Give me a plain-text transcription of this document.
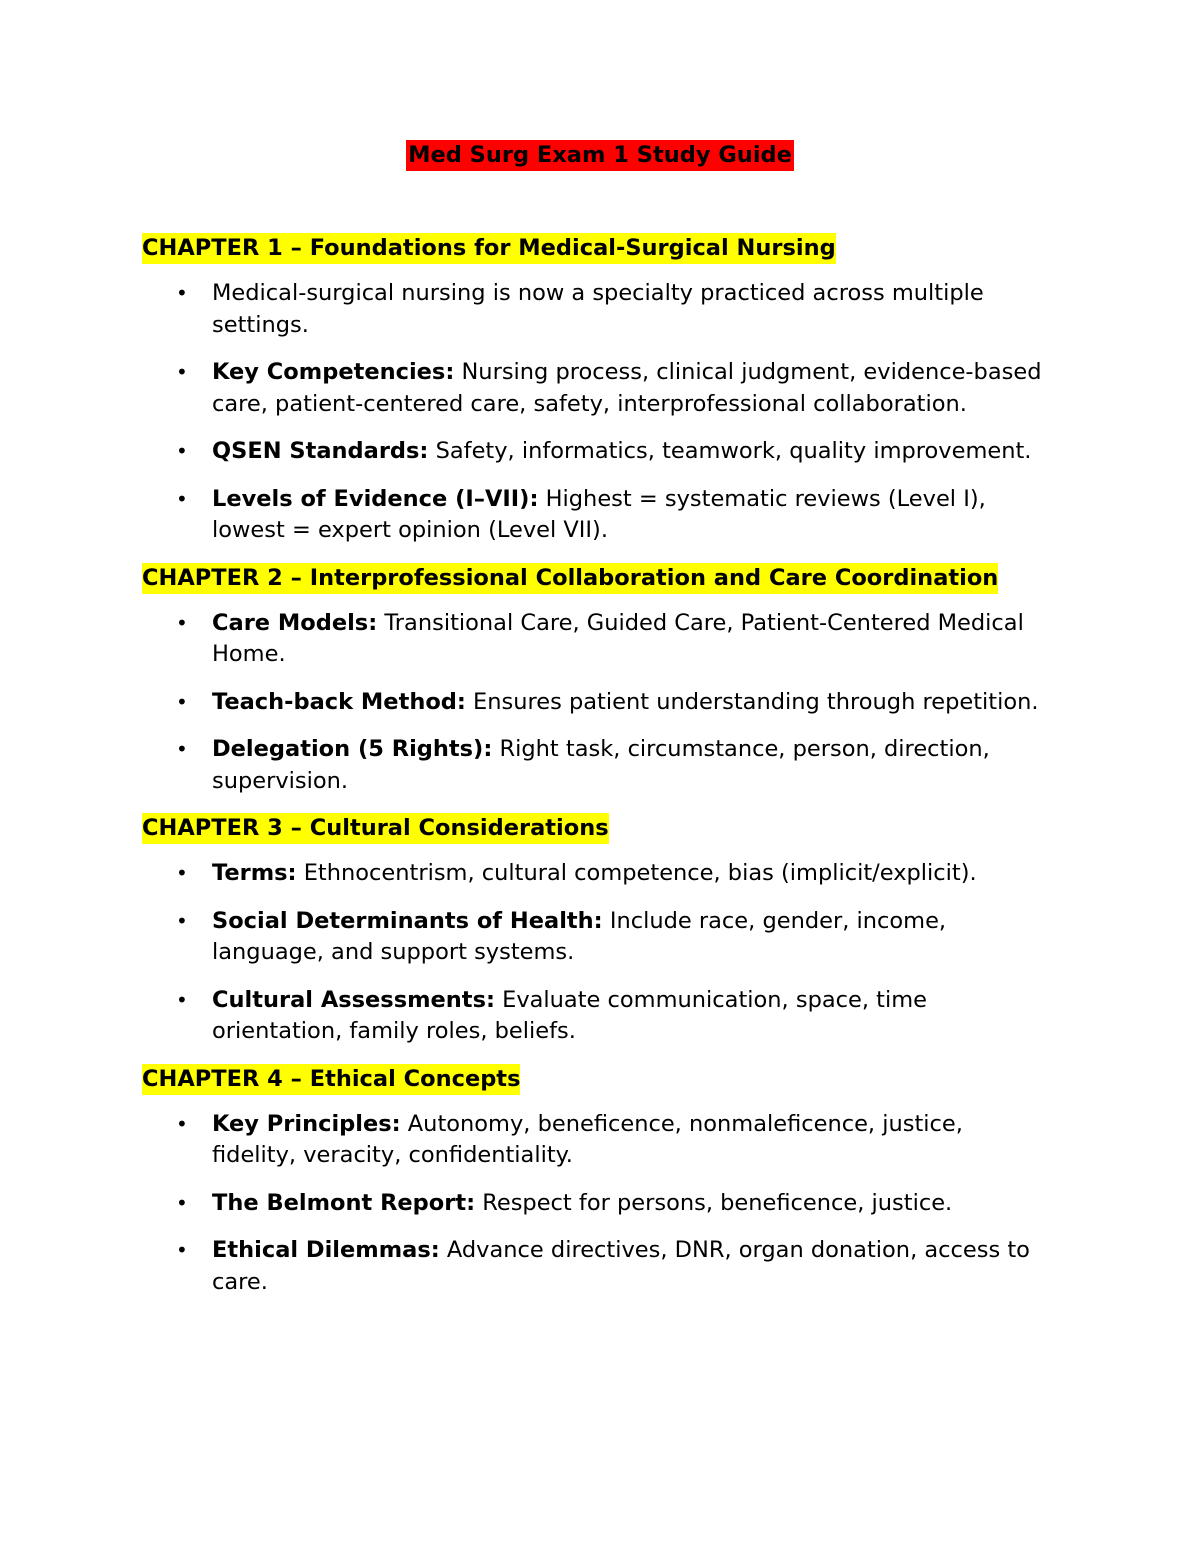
Med Surg Exam 1 Study Guide
CHAPTER 1 – Foundations for Medical-Surgical Nursing
• Medical-surgical nursing is now a specialty practiced across multiple settings.
• Key Competencies: Nursing process, clinical judgment, evidence-based care, patient-centered care, safety, interprofessional collaboration.
• QSEN Standards: Safety, informatics, teamwork, quality improvement.
• Levels of Evidence (I–VII): Highest = systematic reviews (Level I), lowest = expert opinion (Level VII).
CHAPTER 2 – Interprofessional Collaboration and Care Coordination
• Care Models: Transitional Care, Guided Care, Patient-Centered Medical Home.
• Teach-back Method: Ensures patient understanding through repetition.
• Delegation (5 Rights): Right task, circumstance, person, direction, supervision.
CHAPTER 3 – Cultural Considerations
• Terms: Ethnocentrism, cultural competence, bias (implicit/explicit).
• Social Determinants of Health: Include race, gender, income, language, and support systems.
• Cultural Assessments: Evaluate communication, space, time orientation, family roles, beliefs.
CHAPTER 4 – Ethical Concepts
• Key Principles: Autonomy, beneficence, nonmaleficence, justice, fidelity, veracity, confidentiality.
• The Belmont Report: Respect for persons, beneficence, justice.
• Ethical Dilemmas: Advance directives, DNR, organ donation, access to care.
